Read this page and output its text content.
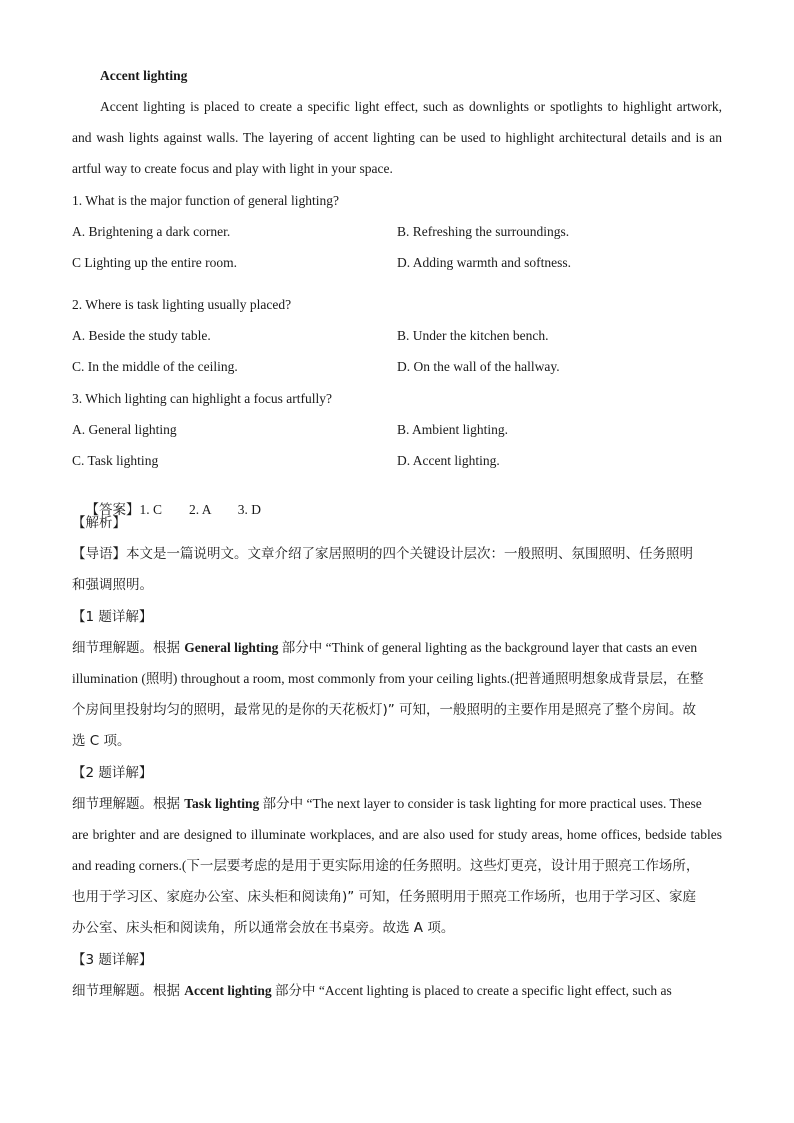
Accent lighting
Accent lighting is placed to create a specific light effect, such as downlights or spotlights to highlight artwork,
and wash lights against walls. The layering of accent lighting can be used to highlight architectural details and is an
artful way to create focus and play with light in your space.
1. What is the major function of general lighting?
A. Brightening a dark corner.	B. Refreshing the surroundings.
C Lighting up the entire room.	D. Adding warmth and softness.
2. Where is task lighting usually placed?
A. Beside the study table.	B. Under the kitchen bench.
C. In the middle of the ceiling.	D. On the wall of the hallway.
3. Which lighting can highlight a focus artfully?
A. General lighting	B. Ambient lighting.
C. Task lighting	D. Accent lighting.

【答案】1. C        2. A        3. D

【解析】
【导语】本文是一篇说明文。文章介绍了家居照明的四个关键设计层次：一般照明、氛围照明、任务照明
和强调照明。
【1 题详解】
细节理解题。根据 General lighting 部分中 “Think of general lighting as the background layer that casts an even
illumination (照明) throughout a room, most commonly from your ceiling lights.(把普通照明想象成背景层，在整
个房间里投射均匀的照明，最常见的是你的天花板灯)” 可知，一般照明的主要作用是照亮了整个房间。故
选 C 项。
【2 题详解】
细节理解题。根据 Task lighting 部分中 “The next layer to consider is task lighting for more practical uses. These
are brighter and are designed to illuminate workplaces, and are also used for study areas, home offices, bedside tables
and reading corners.(下一层要考虑的是用于更实际用途的任务照明。这些灯更亮，设计用于照亮工作场所，
也用于学习区、家庭办公室、床头柜和阅读角)” 可知，任务照明用于照亮工作场所，也用于学习区、家庭
办公室、床头柜和阅读角，所以通常会放在书桌旁。故选 A 项。
【3 题详解】
细节理解题。根据 Accent lighting 部分中 “Accent lighting is placed to create a specific light effect, such as
